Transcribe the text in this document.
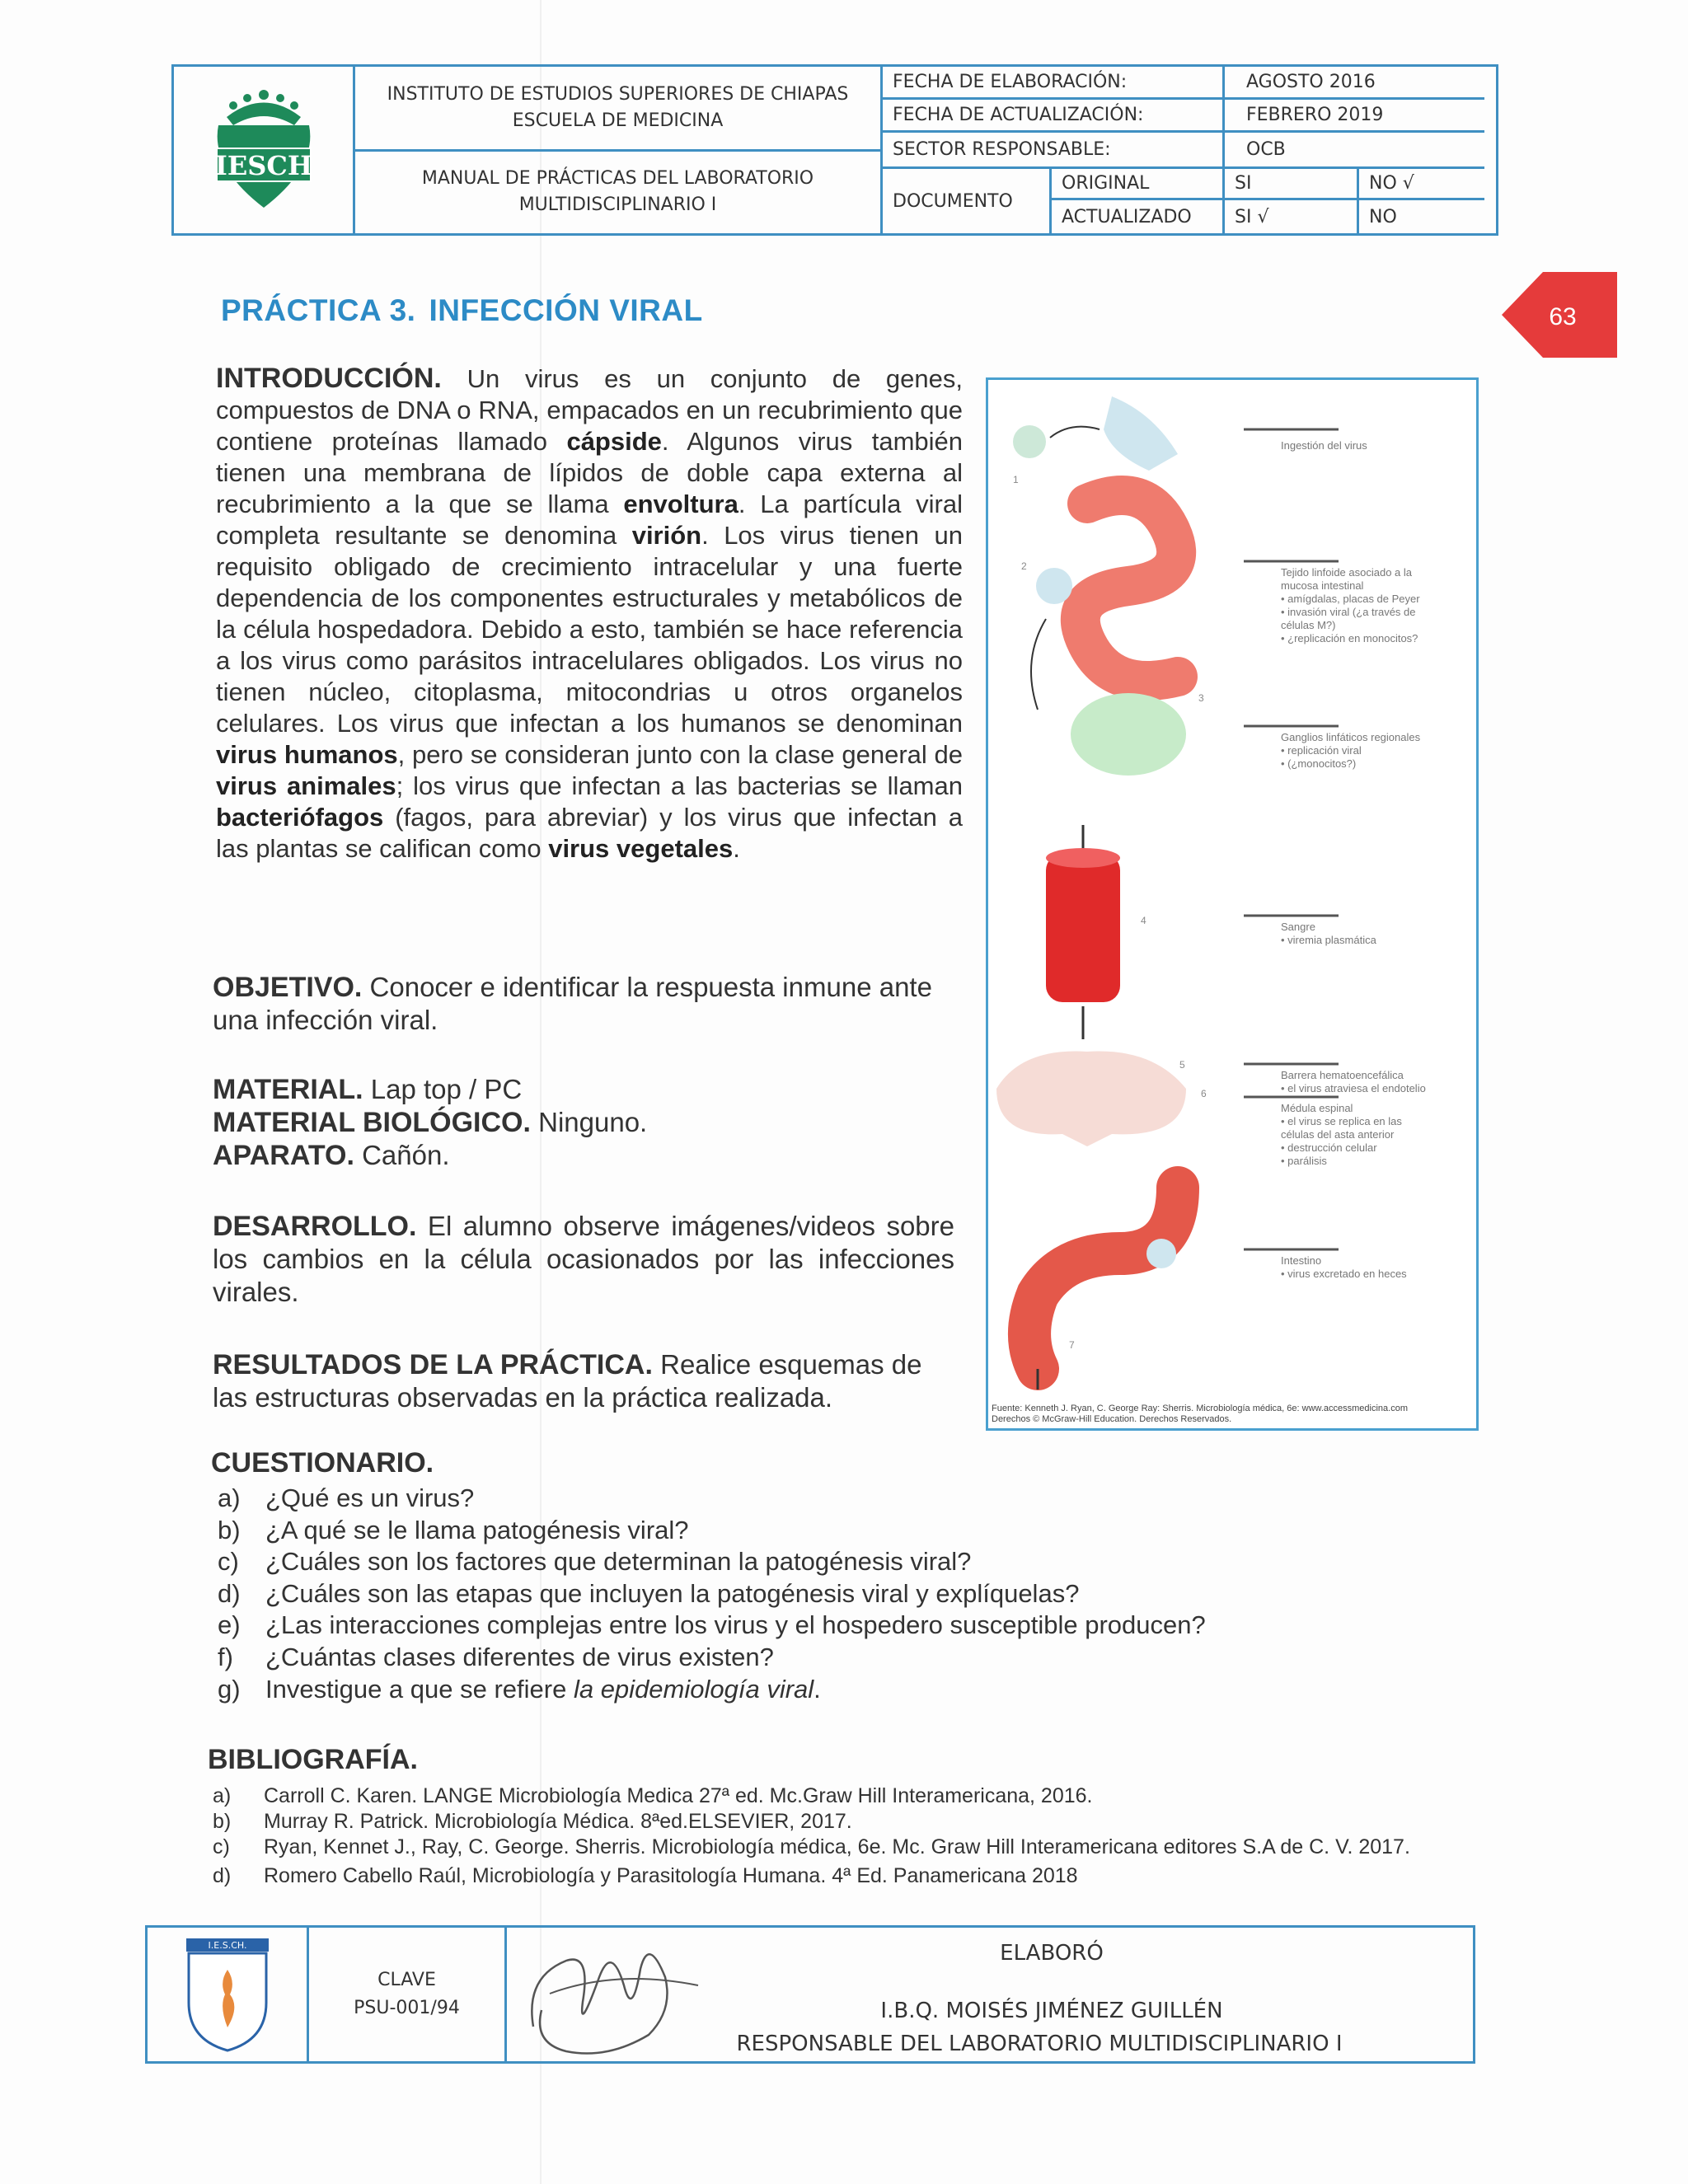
IESCH
INSTITUTO DE ESTUDIOS SUPERIORES DE CHIAPAS
ESCUELA DE MEDICINA
MANUAL DE PRÁCTICAS DEL LABORATORIO
MULTIDISCIPLINARIO I
FECHA DE ELABORACIÓN:	AGOSTO 2016
FECHA DE ACTUALIZACIÓN:	FEBRERO 2019
SECTOR RESPONSABLE:	OCB
DOCUMENTO
ORIGINAL	SI	NO √
ACTUALIZADO	SI √	NO
63
PRÁCTICA 3. INFECCIÓN VIRAL
INTRODUCCIÓN. Un virus es un conjunto de genes, compuestos de DNA o RNA, empacados en un recubrimiento que contiene proteínas llamado cápside. Algunos virus también tienen una membrana de lípidos de doble capa externa al recubrimiento a la que se llama envoltura. La partícula viral completa resultante se denomina virión. Los virus tienen un requisito obligado de crecimiento intracelular y una fuerte dependencia de los componentes estructurales y metabólicos de la célula hospedadora. Debido a esto, también se hace referencia a los virus como parásitos intracelulares obligados. Los virus no tienen núcleo, citoplasma, mitocondrias u otros organelos celulares. Los virus que infectan a los humanos se denominan virus humanos, pero se consideran junto con la clase general de virus animales; los virus que infectan a las bacterias se llaman bacteriófagos (fagos, para abreviar) y los virus que infectan a las plantas se califican como virus vegetales.
OBJETIVO. Conocer e identificar la respuesta inmune ante una infección viral.
MATERIAL. Lap top / PC
MATERIAL BIOLÓGICO. Ninguno.
APARATO. Cañón.
DESARROLLO. El alumno observe imágenes/videos sobre los cambios en la célula ocasionados por las infecciones virales.
RESULTADOS DE LA PRÁCTICA. Realice esquemas de las estructuras observadas en la práctica realizada.
1
2
3
4
5
6
7
Ingestión del virus
Tejido linfoide asociado a la
mucosa intestinal
• amígdalas, placas de Peyer
• invasión viral (¿a través de
células M?)
• ¿replicación en monocitos?
Ganglios linfáticos regionales
• replicación viral
• (¿monocitos?)
Sangre
• viremia plasmática
Barrera hematoencefálica
• el virus atraviesa el endotelio
Médula espinal
• el virus se replica en las
células del asta anterior
• destrucción celular
• parálisis
Intestino
• virus excretado en heces
Fuente: Kenneth J. Ryan, C. George Ray: Sherris. Microbiología médica, 6e: www.accessmedicina.com
Derechos © McGraw-Hill Education. Derechos Reservados.
CUESTIONARIO.
a) ¿Qué es un virus?
b) ¿A qué se le llama patogénesis viral?
c)	¿Cuáles son los factores que determinan la patogénesis viral?
d) ¿Cuáles son las etapas que incluyen la patogénesis viral y explíquelas?
e) ¿Las interacciones complejas entre los virus y el hospedero susceptible producen?
f)	¿Cuántas clases diferentes de virus existen?
g) Investigue a que se refiere la epidemiología viral.
BIBLIOGRAFÍA.
a)	Carroll C. Karen. LANGE Microbiología Medica 27ª ed. Mc.Graw Hill Interamericana, 2016.
b)	Murray R. Patrick. Microbiología Médica. 8ªed.ELSEVIER, 2017.
c)	Ryan, Kennet J., Ray, C. George. Sherris. Microbiología médica, 6e. Mc. Graw Hill Interamericana editores S.A de C. V. 2017.
d)	Romero Cabello Raúl, Microbiología y Parasitología Humana. 4ª Ed. Panamericana 2018
I.E.S.CH.
CLAVE
PSU-001/94
ELABORÓ
I.B.Q. MOISÉS JIMÉNEZ GUILLÉN
RESPONSABLE DEL LABORATORIO MULTIDISCIPLINARIO I
